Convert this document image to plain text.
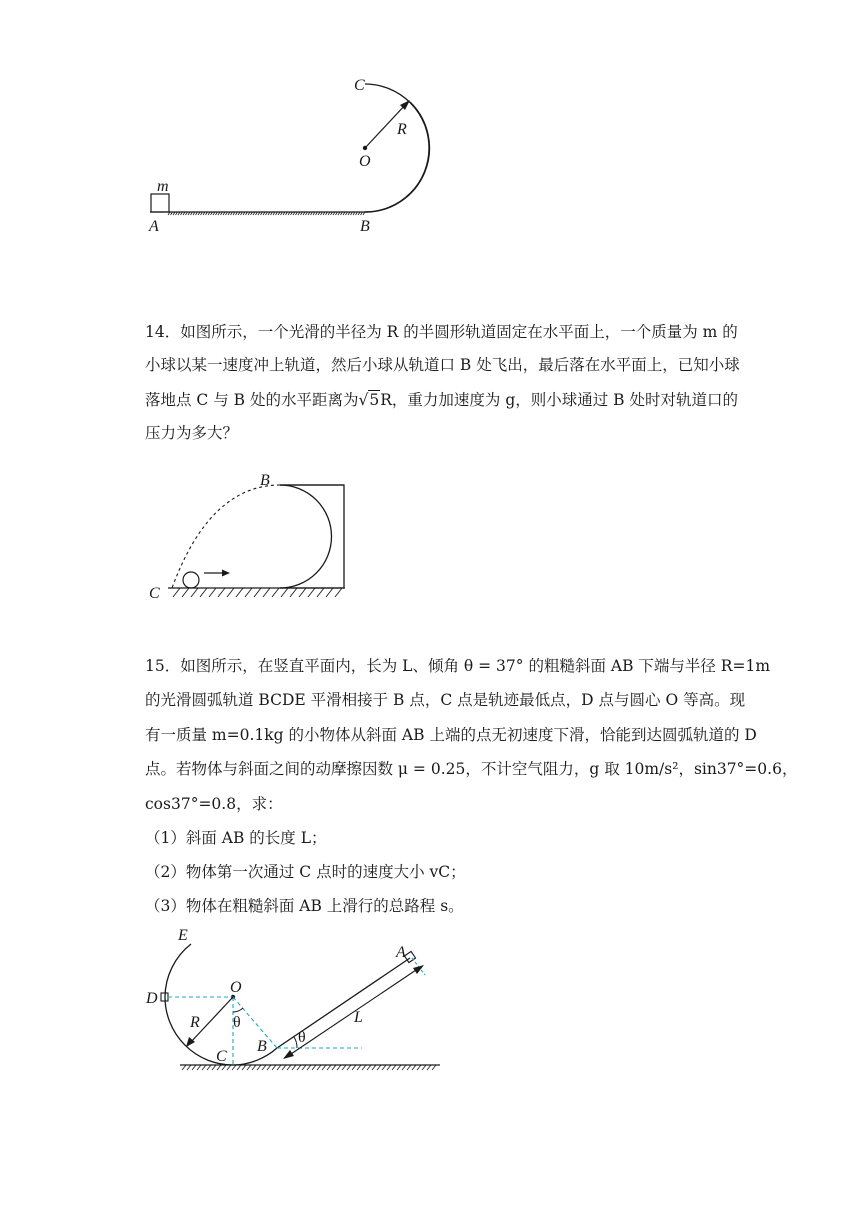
m
C
R
O
A	B
14．如图所示，一个光滑的半径为 R 的半圆形轨道固定在水平面上，一个质量为 m 的
小球以某一速度冲上轨道，然后小球从轨道口 B 处飞出，最后落在水平面上，已知小球
落地点 C 与 B 处的水平距离为√5R，重力加速度为 g，则小球通过 B 处时对轨道口的
压力为多大？
B
C
15．如图所示，在竖直平面内，长为 L、倾角 θ = 37° 的粗糙斜面 AB 下端与半径 R=1m
的光滑圆弧轨道 BCDE 平滑相接于 B 点，C 点是轨迹最低点，D 点与圆心 O 等高。现
有一质量 m=0.1kg 的小物体从斜面 AB 上端的点无初速度下滑，恰能到达圆弧轨道的 D
点。若物体与斜面之间的动摩擦因数 μ = 0.25，不计空气阻力，g 取 10m/s²，sin37°=0.6，
cos37°=0.8，求：
（1）斜面 AB 的长度 L；
（2）物体第一次通过 C 点时的速度大小 vC；
（3）物体在粗糙斜面 AB 上滑行的总路程 s。
E
D
O
R θ
C
B
θ
L
A
